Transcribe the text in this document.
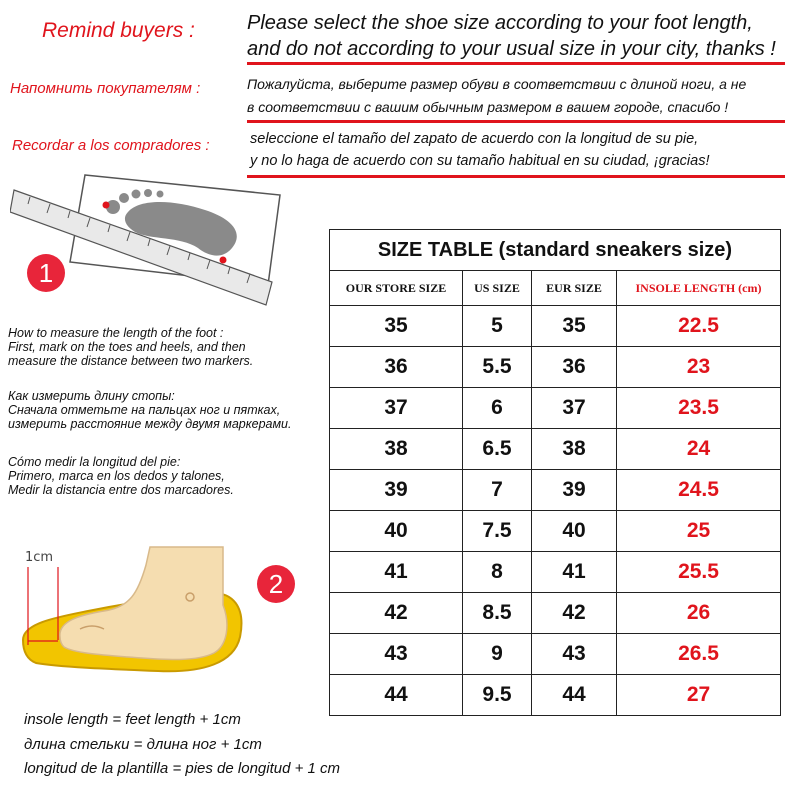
Remind buyers :	Please select the shoe size according to your foot length,
and do not according to your usual size in your city, thanks !
Напомнить покупателям :	Пожалуйста, выберите размер обуви в соответствии с длиной ноги, а не
в соответствии с вашим обычным размером в вашем городе, спасибо !
Recordar a los compradores :	seleccione el tamaño del zapato de acuerdo con la longitud de su pie,
y no lo haga de acuerdo con su tamaño habitual en su ciudad, ¡gracias!
1
How to measure the length of the foot :
First, mark on the toes and heels, and then
measure the distance between two markers.
Как измерить длину стопы:
Сначала отметьте на пальцах ног и пятках,
измерить расстояние между двумя маркерами.
Cómo medir la longitud del pie:
Primero, marca en los dedos y talones,
Medir la distancia entre dos marcadores.
1cm
2
insole length = feet length + 1cm
длина стельки = длина ног + 1cm
longitud de la plantilla = pies de longitud + 1 cm
SIZE TABLE (standard sneakers size)			
OUR STORE SIZE	US SIZE	EUR SIZE	INSOLE LENGTH (cm)
35	5	35	22.5
36	5.5	36	23
37	6	37	23.5
38	6.5	38	24
39	7	39	24.5
40	7.5	40	25
41	8	41	25.5
42	8.5	42	26
43	9	43	26.5
44	9.5	44	27
